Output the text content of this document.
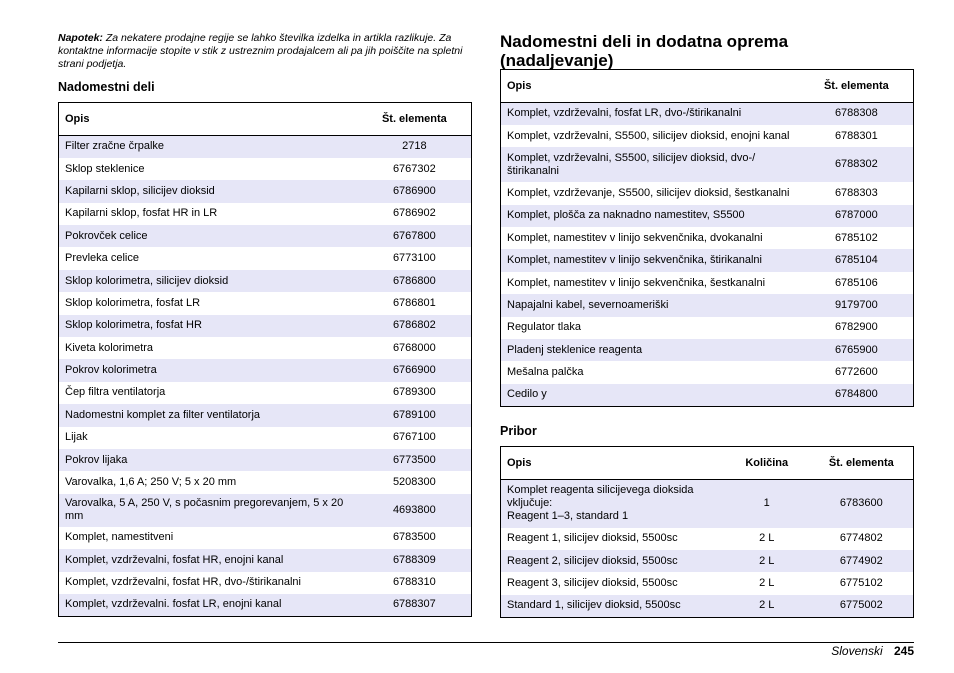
Napotek: Za nekatere prodajne regije se lahko številka izdelka in artikla razlikuje. Za kontaktne informacije stopite v stik z ustreznim prodajalcem ali pa jih poiščite na spletni strani podjetja.
Nadomestni deli
Opis	Št. elementa
Filter zračne črpalke	2718
Sklop steklenice	6767302
Kapilarni sklop, silicijev dioksid	6786900
Kapilarni sklop, fosfat HR in LR	6786902
Pokrovček celice	6767800
Prevleka celice	6773100
Sklop kolorimetra, silicijev dioksid	6786800
Sklop kolorimetra, fosfat LR	6786801
Sklop kolorimetra, fosfat HR	6786802
Kiveta kolorimetra	6768000
Pokrov kolorimetra	6766900
Čep filtra ventilatorja	6789300
Nadomestni komplet za filter ventilatorja	6789100
Lijak	6767100
Pokrov lijaka	6773500
Varovalka, 1,6 A; 250 V; 5 x 20 mm	5208300
Varovalka, 5 A, 250 V, s počasnim pregorevanjem, 5 x 20 mm	4693800
Komplet, namestitveni	6783500
Komplet, vzdrževalni, fosfat HR, enojni kanal	6788309
Komplet, vzdrževalni, fosfat HR, dvo-/štirikanalni	6788310
Komplet, vzdrževalni. fosfat LR, enojni kanal	6788307
Nadomestni deli in dodatna oprema (nadaljevanje)
Opis	Št. elementa
Komplet, vzdrževalni, fosfat LR, dvo-/štirikanalni	6788308
Komplet, vzdrževalni, S5500, silicijev dioksid, enojni kanal	6788301
Komplet, vzdrževalni, S5500, silicijev dioksid, dvo-/štirikanalni	6788302
Komplet, vzdrževanje, S5500, silicijev dioksid, šestkanalni	6788303
Komplet, plošča za naknadno namestitev, S5500	6787000
Komplet, namestitev v linijo sekvenčnika, dvokanalni	6785102
Komplet, namestitev v linijo sekvenčnika, štirikanalni	6785104
Komplet, namestitev v linijo sekvenčnika, šestkanalni	6785106
Napajalni kabel, severnoameriški	9179700
Regulator tlaka	6782900
Pladenj steklenice reagenta	6765900
Mešalna palčka	6772600
Cedilo y	6784800
Pribor
Opis	Količina	Št. elementa
Komplet reagenta silicijevega dioksida vključuje:
Reagent 1–3, standard 1	1	6783600
Reagent 1, silicijev dioksid, 5500sc	2 L	6774802
Reagent 2, silicijev dioksid, 5500sc	2 L	6774902
Reagent 3, silicijev dioksid, 5500sc	2 L	6775102
Standard 1, silicijev dioksid, 5500sc	2 L	6775002
Slovenski 245
